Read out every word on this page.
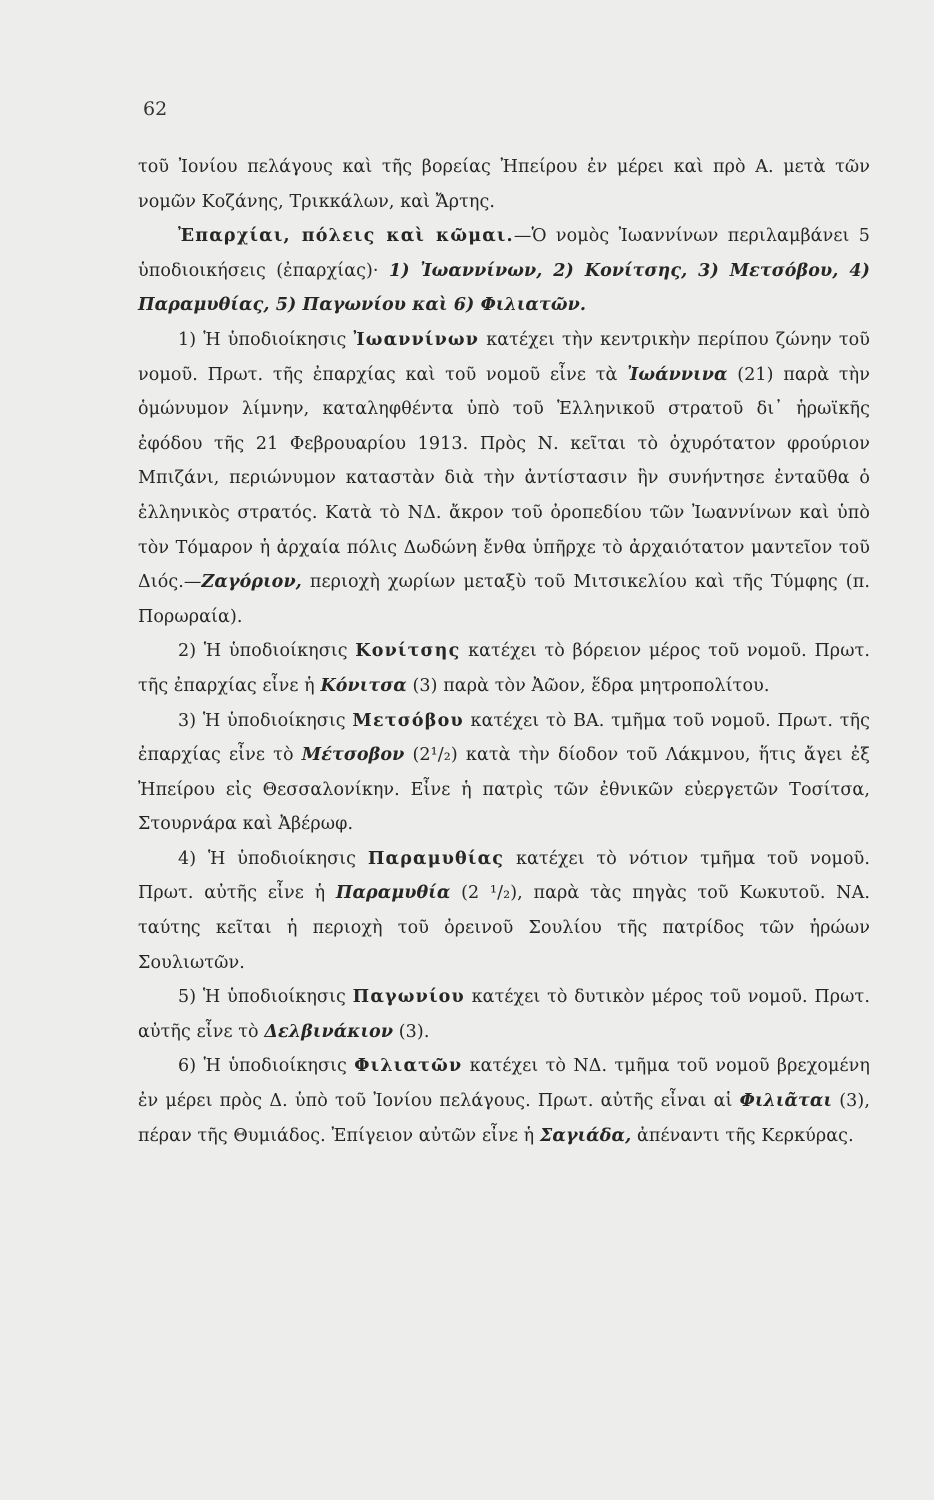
62

τοῦ Ἰονίου πελάγους καὶ τῆς βορείας Ἠπείρου ἐν μέρει καὶ πρὸ Α. μετὰ τῶν νομῶν Κοζάνης, Τρικκάλων, καὶ Ἄρτης.

Ἐπαρχίαι, πόλεις καὶ κῶμαι.—Ὁ νομὸς Ἰωαννίνων περιλαμβάνει 5 ὑποδιοικήσεις (ἐπαρχίας)· 1) Ἰωαννίνων, 2) Κονίτσης, 3) Μετσόβου, 4) Παραμυθίας, 5) Παγωνίου καὶ 6) Φιλιατῶν.

1) Ἡ ὑποδιοίκησις Ἰωαννίνων κατέχει τὴν κεντρικὴν περίπου ζώνην τοῦ νομοῦ. Πρωτ. τῆς ἐπαρχίας καὶ τοῦ νομοῦ εἶνε τὰ Ἰωάννινα (21) παρὰ τὴν ὁμώνυμον λίμνην, καταληφθέντα ὑπὸ τοῦ Ἑλληνικοῦ στρατοῦ δι᾽ ἡρωϊκῆς ἐφόδου τῆς 21 Φεβρουαρίου 1913. Πρὸς Ν. κεῖται τὸ ὀχυρότατον φρούριον Μπιζάνι, περιώνυμον καταστὰν διὰ τὴν ἀντίστασιν ἣν συνήντησε ἐνταῦθα ὁ ἑλληνικὸς στρατός. Κατὰ τὸ ΝΔ. ἄκρον τοῦ ὀροπεδίου τῶν Ἰωαννίνων καὶ ὑπὸ τὸν Τόμαρον ἡ ἀρχαία πόλις Δωδώνη ἔνθα ὑπῆρχε τὸ ἀρχαιότατον μαντεῖον τοῦ Διός.—Ζαγόριον, περιοχὴ χωρίων μεταξὺ τοῦ Μιτσικελίου καὶ τῆς Τύμφης (π. Πορωραία).

2) Ἡ ὑποδιοίκησις Κονίτσης κατέχει τὸ βόρειον μέρος τοῦ νομοῦ. Πρωτ. τῆς ἐπαρχίας εἶνε ἡ Κόνιτσα (3) παρὰ τὸν Ἀῶον, ἕδρα μητροπολίτου.

3) Ἡ ὑποδιοίκησις Μετσόβου κατέχει τὸ ΒΑ. τμῆμα τοῦ νομοῦ. Πρωτ. τῆς ἐπαρχίας εἶνε τὸ Μέτσοβον (2¹/₂) κατὰ τὴν δίοδον τοῦ Λάκμνου, ἥτις ἄγει ἐξ Ἠπείρου εἰς Θεσσαλονίκην. Εἶνε ἡ πατρὶς τῶν ἐθνικῶν εὐεργετῶν Τοσίτσα, Στουρνάρα καὶ Ἀβέρωφ.

4) Ἡ ὑποδιοίκησις Παραμυθίας κατέχει τὸ νότιον τμῆμα τοῦ νομοῦ. Πρωτ. αὐτῆς εἶνε ἡ Παραμυθία (2 ¹/₂), παρὰ τὰς πηγὰς τοῦ Κωκυτοῦ. ΝΑ. ταύτης κεῖται ἡ περιοχὴ τοῦ ὀρεινοῦ Σουλίου τῆς πατρίδος τῶν ἡρώων Σουλιωτῶν.

5) Ἡ ὑποδιοίκησις Παγωνίου κατέχει τὸ δυτικὸν μέρος τοῦ νομοῦ. Πρωτ. αὐτῆς εἶνε τὸ Δελβινάκιον (3).

6) Ἡ ὑποδιοίκησις Φιλιατῶν κατέχει τὸ ΝΔ. τμῆμα τοῦ νομοῦ βρεχομένη ἐν μέρει πρὸς Δ. ὑπὸ τοῦ Ἰονίου πελάγους. Πρωτ. αὐτῆς εἶναι αἱ Φιλιᾶται (3), πέραν τῆς Θυμιάδος. Ἐπίγειον αὐτῶν εἶνε ἡ Σαγιάδα, ἀπέναντι τῆς Κερκύρας.
